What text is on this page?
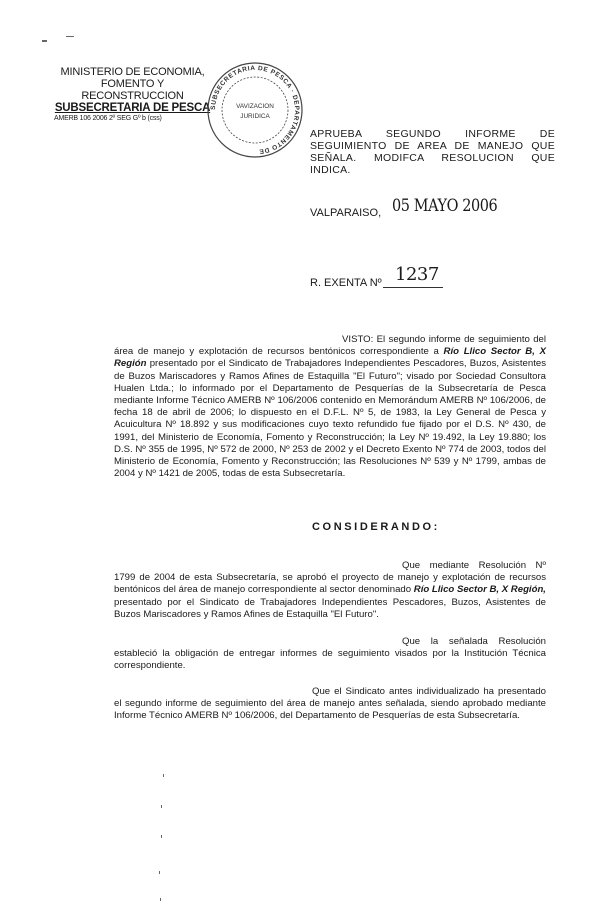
MINISTERIO DE ECONOMIA,
FOMENTO Y RECONSTRUCCION
SUBSECRETARIA DE PESCA
AMERB 106 2006 2º SEG Gº b (css)
SUBSECRETARIA DE PESCA · DEPARTAMENTO DE
VAVIZACION
JURIDICA
APRUEBA SEGUNDO INFORME DE SEGUIMIENTO DE AREA DE MANEJO QUE SEÑALA. MODIFCA RESOLUCION QUE INDICA.
VALPARAISO, 05 MAYO 2006
R. EXENTA Nº 1237
VISTO: El segundo informe de seguimiento del área de manejo y explotación de recursos bentónicos correspondiente a Río Llico Sector B, X Región presentado por el Sindicato de Trabajadores Independientes Pescadores, Buzos, Asistentes de Buzos Mariscadores y Ramos Afines de Estaquilla "El Futuro"; visado por Sociedad Consultora Hualen Ltda.; lo informado por el Departamento de Pesquerías de la Subsecretaría de Pesca mediante Informe Técnico AMERB Nº 106/2006 contenido en Memorándum AMERB Nº 106/2006, de fecha 18 de abril de 2006; lo dispuesto en el D.F.L. Nº 5, de 1983, la Ley General de Pesca y Acuicultura Nº 18.892 y sus modificaciones cuyo texto refundido fue fijado por el D.S. Nº 430, de 1991, del Ministerio de Economía, Fomento y Reconstrucción; la Ley Nº 19.492, la Ley 19.880; los D.S. Nº 355 de 1995, Nº 572 de 2000, Nº 253 de 2002 y el Decreto Exento Nº 774 de 2003, todos del Ministerio de Economía, Fomento y Reconstrucción; las Resoluciones Nº 539 y Nº 1799, ambas de 2004 y Nº 1421 de 2005, todas de esta Subsecretaría.
CONSIDERANDO:
Que mediante Resolución Nº 1799 de 2004 de esta Subsecretaría, se aprobó el proyecto de manejo y explotación de recursos bentónicos del área de manejo correspondiente al sector denominado Río Llico Sector B, X Región, presentado por el Sindicato de Trabajadores Independientes Pescadores, Buzos, Asistentes de Buzos Mariscadores y Ramos Afines de Estaquilla "El Futuro".
Que la señalada Resolución estableció la obligación de entregar informes de seguimiento visados por la Institución Técnica correspondiente.
Que el Sindicato antes individualizado ha presentado el segundo informe de seguimiento del área de manejo antes señalada, siendo aprobado mediante Informe Técnico AMERB Nº 106/2006, del Departamento de Pesquerías de esta Subsecretaría.
